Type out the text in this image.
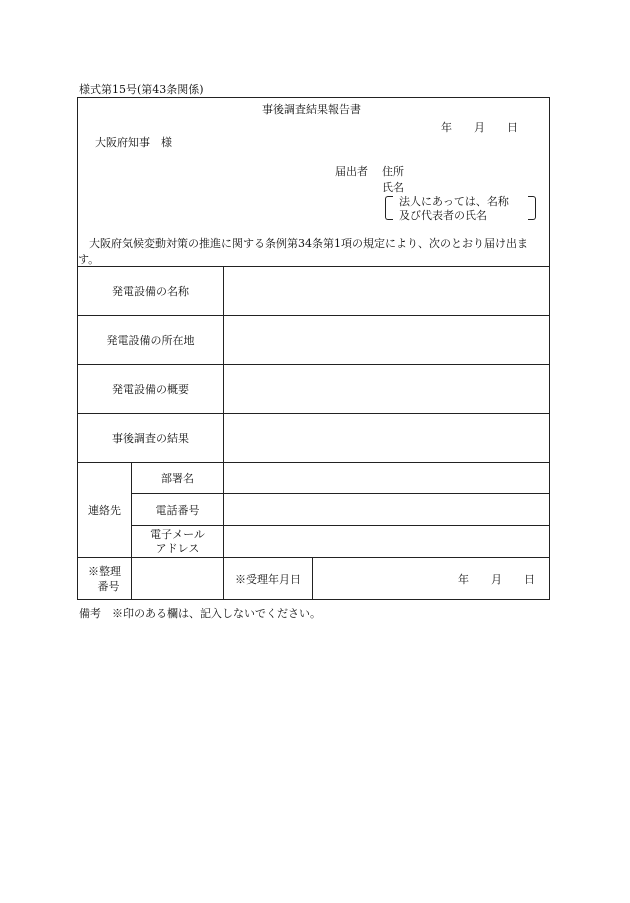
様式第15号(第43条関係)
事後調査結果報告書
年　　月　　日
大阪府知事　様
届出者 住所
氏名
法人にあっては、名称
及び代表者の氏名
　大阪府気候変動対策の推進に関する条例第34条第1項の規定により、次のとおり届け出ます。
発電設備の名称
発電設備の所在地
発電設備の概要
事後調査の結果
連絡先
部署名
電話番号
電子メール
アドレス
※整理
番号
※受理年月日	年　　月　　日
備考　※印のある欄は、記入しないでください。
